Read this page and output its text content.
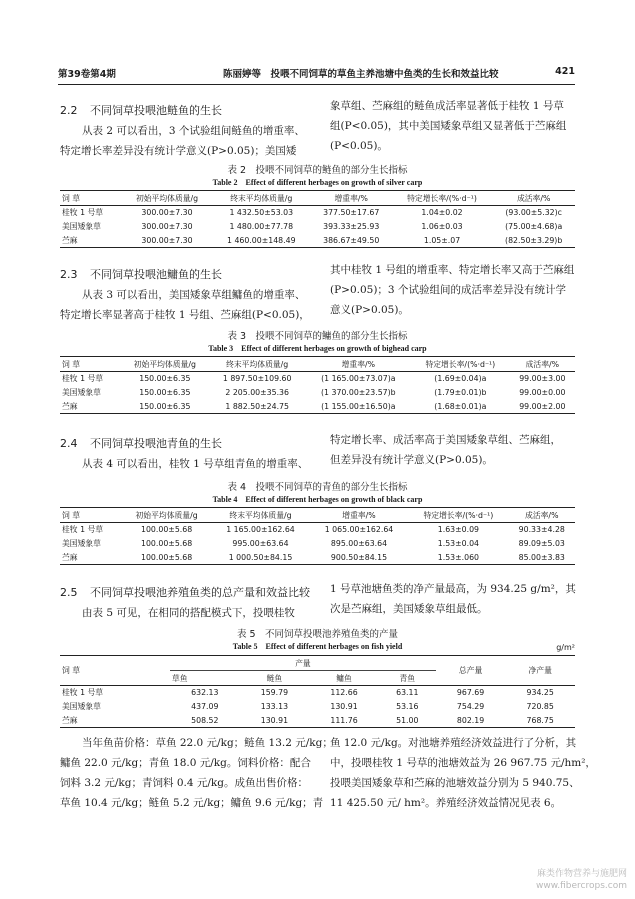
第39卷第4期	陈丽婷等　投喂不同饲草的草鱼主养池塘中鱼类的生长和效益比较	421
2.2 不同饲草投喂池鲢鱼的生长

从表 2 可以看出，3 个试验组间鲢鱼的增重率、

特定增长率差异没有统计学意义(P>0.05)；美国矮

象草组、苎麻组的鲢鱼成活率显著低于桂牧 1 号草

组(P<0.05)，其中美国矮象草组又显著低于苎麻组

(P<0.05)。

表 2　投喂不同饲草的鲢鱼的部分生长指标
Table 2　Effect of different herbages on growth of silver carp
饲 草	初始平均体质量/g	终末平均体质量/g	增重率/%	特定增长率/(%·d⁻¹)	成活率/%
桂牧 1 号草	300.00±7.30	1 432.50±53.03	377.50±17.67	1.04±0.02	(93.00±5.32)c
美国矮象草	300.00±7.30	1 480.00±77.78	393.33±25.93	1.06±0.03	(75.00±4.68)a
苎麻	300.00±7.30	1 460.00±148.49	386.67±49.50	1.05±.07	(82.50±3.29)b
2.3 不同饲草投喂池鳙鱼的生长

从表 3 可以看出，美国矮象草组鳙鱼的增重率、

特定增长率显著高于桂牧 1 号组、苎麻组(P<0.05)，

其中桂牧 1 号组的增重率、特定增长率又高于苎麻组

(P>0.05)；3 个试验组间的成活率差异没有统计学

意义(P>0.05)。

表 3　投喂不同饲草的鳙鱼的部分生长指标
Table 3　Effect of different herbages on growth of bighead carp
饲 草	初始平均体质量/g	终末平均体质量/g	增重率/%	特定增长率/(%·d⁻¹)	成活率/%
桂牧 1 号草	150.00±6.35	1 897.50±109.60	(1 165.00±73.07)a	(1.69±0.04)a	99.00±3.00
美国矮象草	150.00±6.35	2 205.00±35.36	(1 370.00±23.57)b	(1.79±0.01)b	99.00±0.00
苎麻	150.00±6.35	1 882.50±24.75	(1 155.00±16.50)a	(1.68±0.01)a	99.00±2.00
2.4 不同饲草投喂池青鱼的生长

从表 4 可以看出，桂牧 1 号草组青鱼的增重率、

特定增长率、成活率高于美国矮象草组、苎麻组，

但差异没有统计学意义(P>0.05)。

表 4　投喂不同饲草的青鱼的部分生长指标
Table 4　Effect of different herbages on growth of black carp
饲 草	初始平均体质量/g	终末平均体质量/g	增重率/%	特定增长率/(%·d⁻¹)	成活率/%
桂牧 1 号草	100.00±5.68	1 165.00±162.64	1 065.00±162.64	1.63±0.09	90.33±4.28
美国矮象草	100.00±5.68	995.00±63.64	895.00±63.64	1.53±0.04	89.09±5.03
苎麻	100.00±5.68	1 000.50±84.15	900.50±84.15	1.53±.060	85.00±3.83
2.5 不同饲草投喂池养殖鱼类的总产量和效益比较

由表 5 可见，在相同的搭配模式下，投喂桂牧

1 号草池塘鱼类的净产量最高，为 934.25 g/m²，其

次是苎麻组，美国矮象草组最低。

表 5　不同饲草投喂池养殖鱼类的产量
Table 5　Effect of different herbages on fish yield	g/m²
饲 草	产量				总产量	净产量
	草鱼	鲢鱼	鳙鱼	青鱼		
桂牧 1 号草	632.13	159.79	112.66	63.11	967.69	934.25
美国矮象草	437.09	133.13	130.91	53.16	754.29	720.85
苎麻	508.52	130.91	111.76	51.00	802.19	768.75

当年鱼苗价格：草鱼 22.0 元/kg；鲢鱼 13.2 元/kg；

鳙鱼 22.0 元/kg；青鱼 18.0 元/kg。饲料价格：配合

饲料 3.2 元/kg；青饲料 0.4 元/kg。成鱼出售价格：

草鱼 10.4 元/kg；鲢鱼 5.2 元/kg；鳙鱼 9.6 元/kg；青

鱼 12.0 元/kg。对池塘养殖经济效益进行了分析，其

中，投喂桂牧 1 号草的池塘效益为 26 967.75 元/hm²，

投喂美国矮象草和苎麻的池塘效益分别为 5 940.75、

11 425.50 元/ hm²。养殖经济效益情况见表 6。

麻类作物营养与施肥网
www.fibercrops.com
